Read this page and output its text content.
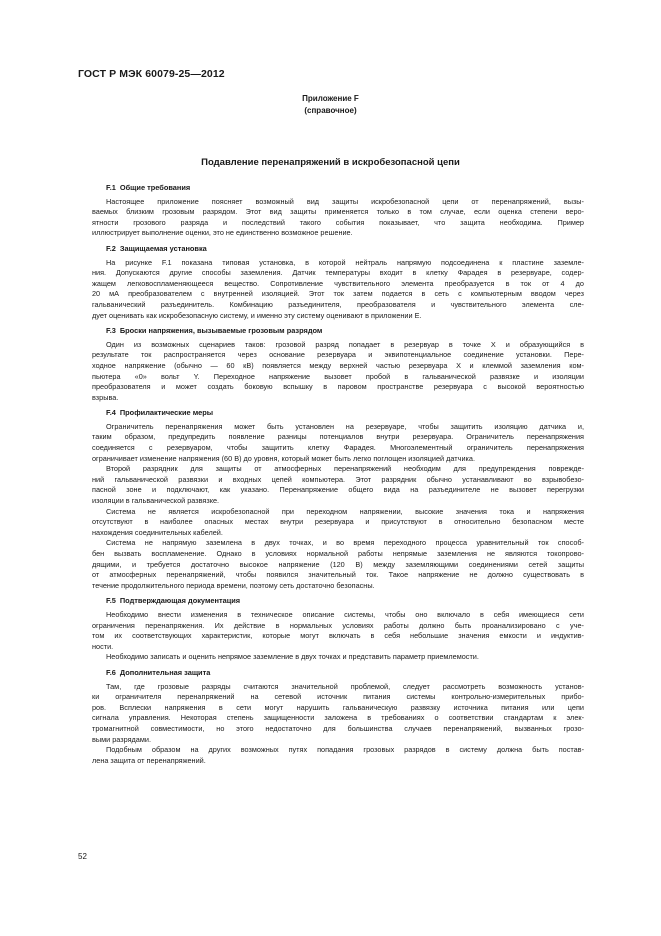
ГОСТ Р МЭК 60079-25—2012
Приложение F
(справочное)
Подавление перенапряжений в искробезопасной цепи
F.1 Общие требования
Настоящее приложение поясняет возможный вид защиты искробезопасной цепи от перенапряжений, вызы-
ваемых близким грозовым разрядом. Этот вид защиты применяется только в том случае, если оценка степени веро-
ятности грозового разряда и последствий такого события показывает, что защита необходима. Пример
иллюстрирует выполнение оценки, это не единственно возможное решение.
F.2 Защищаемая установка
На рисунке F.1 показана типовая установка, в которой нейтраль напрямую подсоединена к пластине заземле-
ния. Допускаются другие способы заземления. Датчик температуры входит в клетку Фарадея в резервуаре, содер-
жащем легковоспламеняющееся вещество. Сопротивление чувствительного элемента преобразуется в ток от 4 до
20 мА преобразователем с внутренней изоляцией. Этот ток затем подается в сеть с компьютерным вводом через
гальванический разъединитель. Комбинацию разъединителя, преобразователя и чувствительного элемента сле-
дует оценивать как искробезопасную систему, и именно эту систему оценивают в приложении Е.
F.3 Броски напряжения, вызываемые грозовым разрядом
Один из возможных сценариев таков: грозовой разряд попадает в резервуар в точке X и образующийся в
результате ток распространяется через основание резервуара и эквипотенциальное соединение установки. Пере-
ходное напряжение (обычно — 60 кВ) появляется между верхней частью резервуара X и клеммой заземления ком-
пьютера «0» вольт Y. Переходное напряжение вызовет пробой в гальванической развязке и изоляции
преобразователя и может создать боковую вспышку в паровом пространстве резервуара с высокой вероятностью
взрыва.
F.4 Профилактические меры
Ограничитель перенапряжения может быть установлен на резервуаре, чтобы защитить изоляцию датчика и,
таким образом, предупредить появление разницы потенциалов внутри резервуара. Ограничитель перенапряжения
соединяется с резервуаром, чтобы защитить клетку Фарадея. Многоэлементный ограничитель перенапряжения
ограничивает изменение напряжения (60 В) до уровня, который может быть легко поглощен изоляцией датчика.
Второй разрядник для защиты от атмосферных перенапряжений необходим для предупреждения поврежде-
ний гальванической развязки и входных цепей компьютера. Этот разрядник обычно устанавливают во взрывобезо-
пасной зоне и подключают, как указано. Перенапряжение общего вида на разъединителе не вызовет перегрузки
изоляции в гальванической развязке.
Система не является искробезопасной при переходном напряжении, высокие значения тока и напряжения
отсутствуют в наиболее опасных местах внутри резервуара и присутствуют в относительно безопасном месте
нахождения соединительных кабелей.
Система не напрямую заземлена в двух точках, и во время переходного процесса уравнительный ток способ-
бен вызвать воспламенение. Однако в условиях нормальной работы непрямые заземления не являются токопрово-
дящими, и требуется достаточно высокое напряжение (120 В) между заземляющими соединениями сетей защиты
от атмосферных перенапряжений, чтобы появился значительный ток. Такое напряжение не должно существовать в
течение продолжительного периода времени, поэтому сеть достаточно безопасны.
F.5 Подтверждающая документация
Необходимо внести изменения в техническое описание системы, чтобы оно включало в себя имеющиеся сети
ограничения перенапряжения. Их действие в нормальных условиях работы должно быть проанализировано с уче-
том их соответствующих характеристик, которые могут включать в себя небольшие значения емкости и индуктив-
ности.
Необходимо записать и оценить непрямое заземление в двух точках и представить параметр приемлемости.
F.6 Дополнительная защита
Там, где грозовые разряды считаются значительной проблемой, следует рассмотреть возможность установ-
ки ограничителя перенапряжений на сетевой источник питания системы контрольно-измерительных прибо-
ров. Всплески напряжения в сети могут нарушить гальваническую развязку источника питания или цепи
сигнала управления. Некоторая степень защищенности заложена в требованиях о соответствии стандартам к элек-
тромагнитной совместимости, но этого недостаточно для большинства случаев перенапряжений, вызванных грозо-
выми разрядами.
Подобным образом на других возможных путях попадания грозовых разрядов в систему должна быть постав-
лена защита от перенапряжений.
52
